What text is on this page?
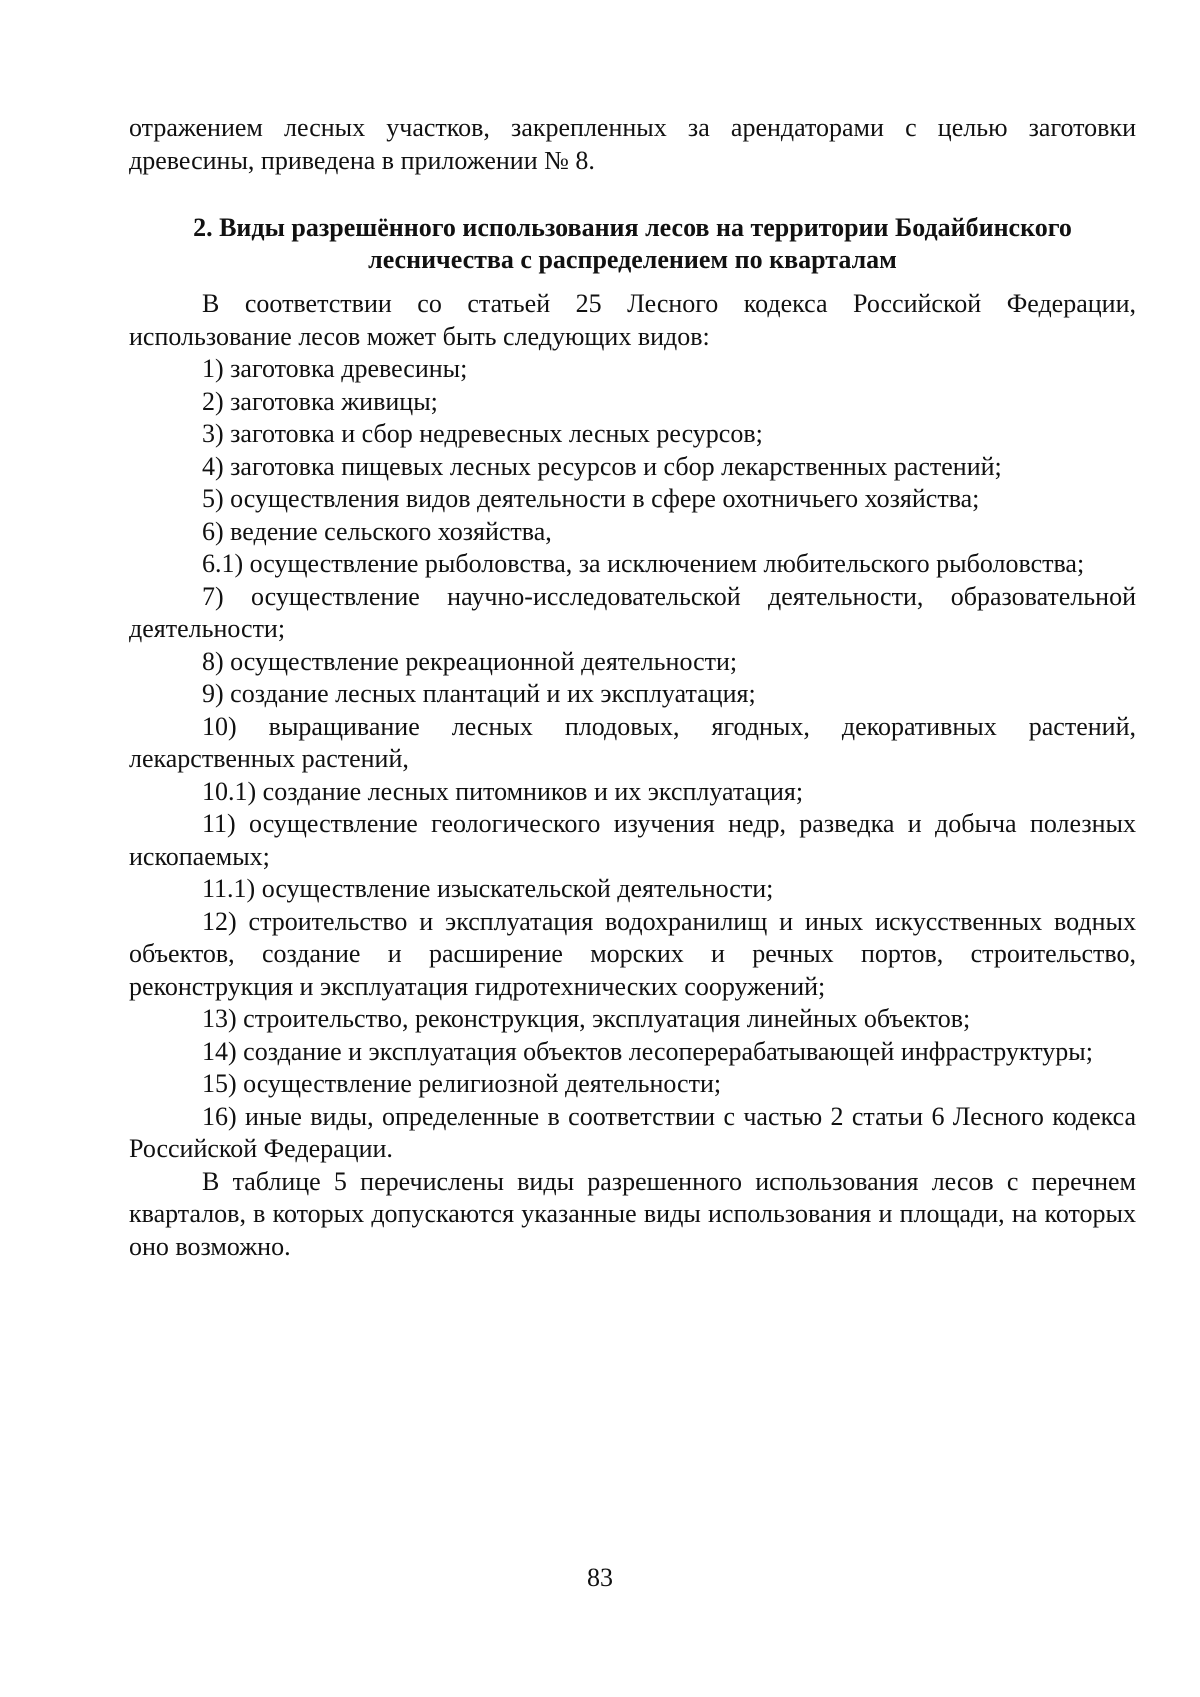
отражением лесных участков, закрепленных за арендаторами с целью заготовки
древесины, приведена в приложении № 8.
2. Виды разрешённого использования лесов на территории Бодайбинского
лесничества с распределением по кварталам

В соответствии со статьей 25 Лесного кодекса Российской Федерации, использование лесов может быть следующих видов:

1) заготовка древесины;

2) заготовка живицы;

3) заготовка и сбор недревесных лесных ресурсов;

4) заготовка пищевых лесных ресурсов и сбор лекарственных растений;

5) осуществления видов деятельности в сфере охотничьего хозяйства;

6) ведение сельского хозяйства,

6.1) осуществление рыболовства, за исключением любительского рыболовства;

7) осуществление научно-исследовательской деятельности, образовательной деятельности;

8) осуществление рекреационной деятельности;

9) создание лесных плантаций и их эксплуатация;

10) выращивание лесных плодовых, ягодных, декоративных растений, лекарственных растений,

10.1) создание лесных питомников и их эксплуатация;

11) осуществление геологического изучения недр, разведка и добыча полезных ископаемых;

11.1) осуществление изыскательской деятельности;

12) строительство и эксплуатация водохранилищ и иных искусственных водных объектов, создание и расширение морских и речных портов, строительство, реконструкция и эксплуатация гидротехнических сооружений;

13) строительство, реконструкция, эксплуатация линейных объектов;

14) создание и эксплуатация объектов лесоперерабатывающей инфраструктуры;

15) осуществление религиозной деятельности;

16) иные виды, определенные в соответствии с частью 2 статьи 6 Лесного кодекса Российской Федерации.

В таблице 5 перечислены виды разрешенного использования лесов с перечнем кварталов, в которых допускаются указанные виды использования и площади, на которых оно возможно.

83
